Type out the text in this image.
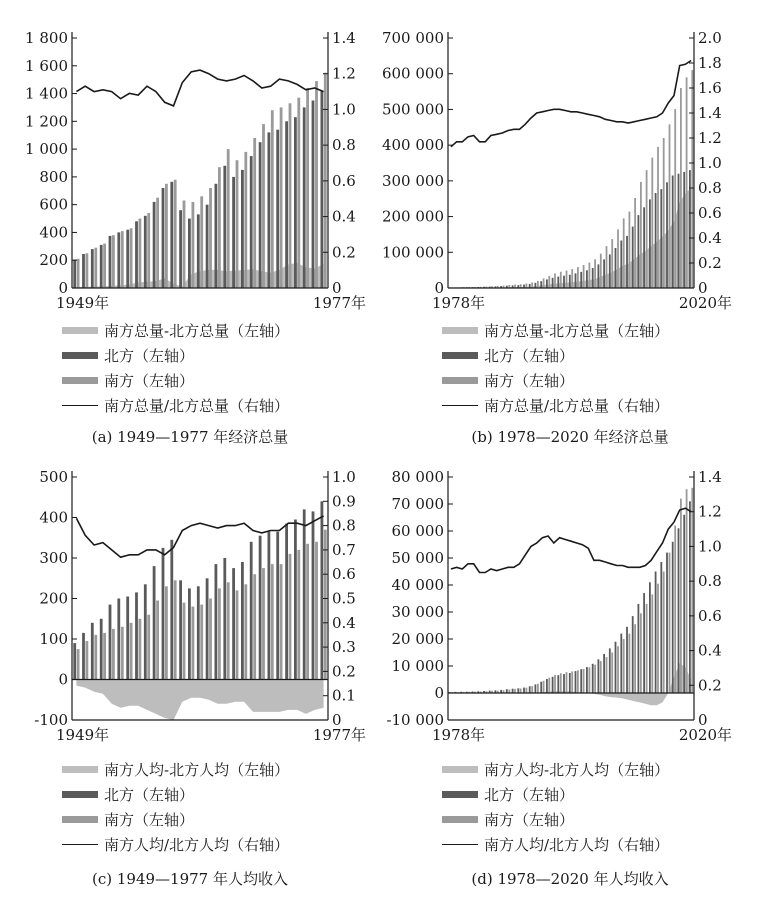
0
200
400
600
800
1 000
1 200
1 400
1 600
1 800
0
0.2
0.4
0.6
0.8
1.0
1.2
1.4
1949年	1977年
南方总量-北方总量（左轴）
北方（左轴）
南方（左轴）
南方总量/北方总量（右轴）
(a) 1949—1977 年经济总量
0
100 000
200 000
300 000
400 000
500 000
600 000
700 000
0
0.2
0.4
0.6
0.8
1.0
1.2
1.4
1.6
1.8
2.0
1978年	2020年
南方总量-北方总量（左轴）
北方（左轴）
南方（左轴）
南方总量/北方总量（右轴）
(b) 1978—2020 年经济总量
-100
0
100
200
300
400
500
0
0.1
0.2
0.3
0.4
0.5
0.6
0.7
0.8
0.9
1.0
1949年	1977年
南方人均-北方人均（左轴）
北方（左轴）
南方（左轴）
南方人均/北方人均（右轴）
(c) 1949—1977 年人均收入
-10 000
0
10 000
20 000
30 000
40 000
50 000
60 000
70 000
80 000
0
0.2
0.4
0.6
0.8
1.0
1.2
1.4
1978年	2020年
南方人均-北方人均（左轴）
北方（左轴）
南方（左轴）
南方人均/北方人均（右轴）
(d) 1978—2020 年人均收入
